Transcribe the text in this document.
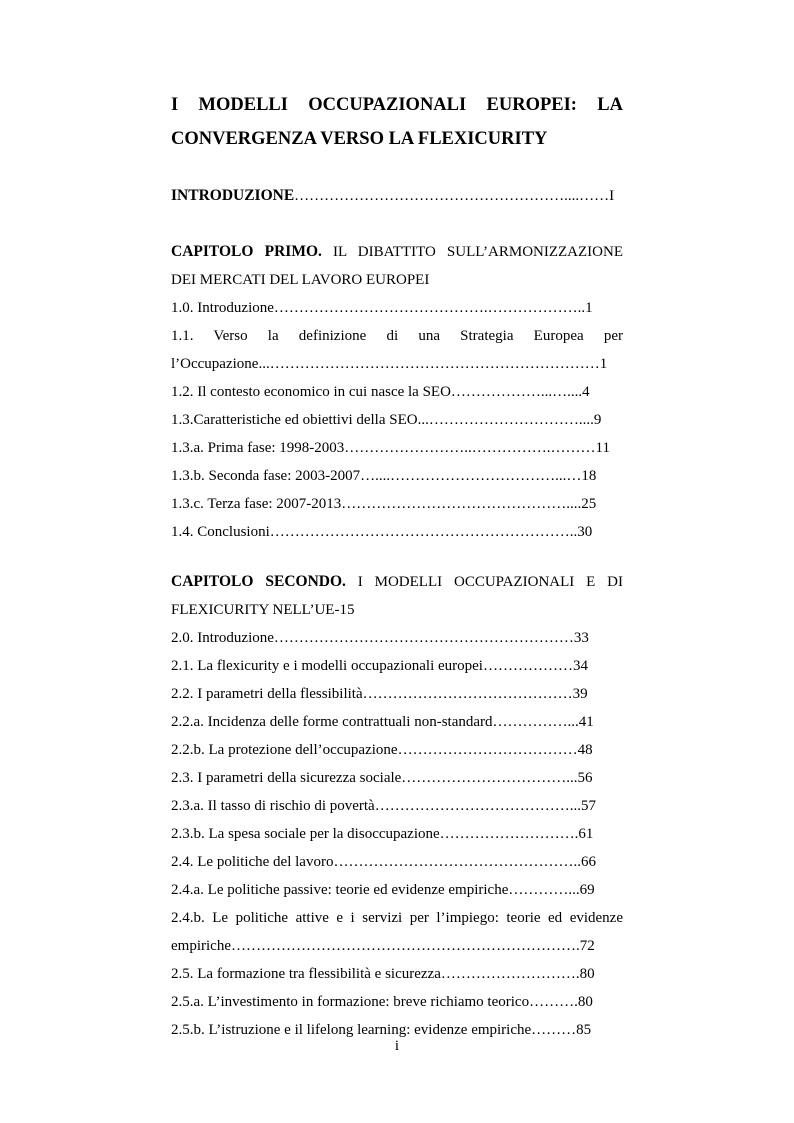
I MODELLI OCCUPAZIONALI EUROPEI: LA
CONVERGENZA VERSO LA FLEXICURITY
INTRODUZIONE………………………………………………....……I
CAPITOLO PRIMO. IL DIBATTITO SULL’ARMONIZZAZIONE
DEI MERCATI DEL LAVORO EUROPEI
1.0. Introduzione…………………………………….………………..1
1.1. Verso la definizione di una Strategia Europea per
l’Occupazione...…………………………………………………………1
1.2. Il contesto economico in cui nasce la SEO………………...…....4
1.3.Caratteristiche ed obiettivi della SEO...…………………………....9
1.3.a. Prima fase: 1998-2003……………………..…………….………11
1.3.b. Seconda fase: 2003-2007…....……………………………...…18
1.3.c. Terza fase: 2007-2013………………………………………....25
1.4. Conclusioni……………………………………………………..30
CAPITOLO SECONDO. I MODELLI OCCUPAZIONALI E DI
FLEXICURITY NELL’UE-15
2.0. Introduzione……………………………………………………33
2.1. La flexicurity e i modelli occupazionali europei………………34
2.2. I parametri della flessibilità……………………………………39
2.2.a. Incidenza delle forme contrattuali non-standard……………...41
2.2.b. La protezione dell’occupazione………………………………48
2.3. I parametri della sicurezza sociale……………………………...56
2.3.a. Il tasso di rischio di povertà…………………………………...57
2.3.b. La spesa sociale per la disoccupazione……………………….61
2.4. Le politiche del lavoro…………………………………………..66
2.4.a. Le politiche passive: teorie ed evidenze empiriche…………...69
2.4.b. Le politiche attive e i servizi per l’impiego: teorie ed evidenze
empiriche…………………………………………………………….72
2.5. La formazione tra flessibilità e sicurezza……………………….80
2.5.a. L’investimento in formazione: breve richiamo teorico……….80
2.5.b. L’istruzione e il lifelong learning: evidenze empiriche………85
i
